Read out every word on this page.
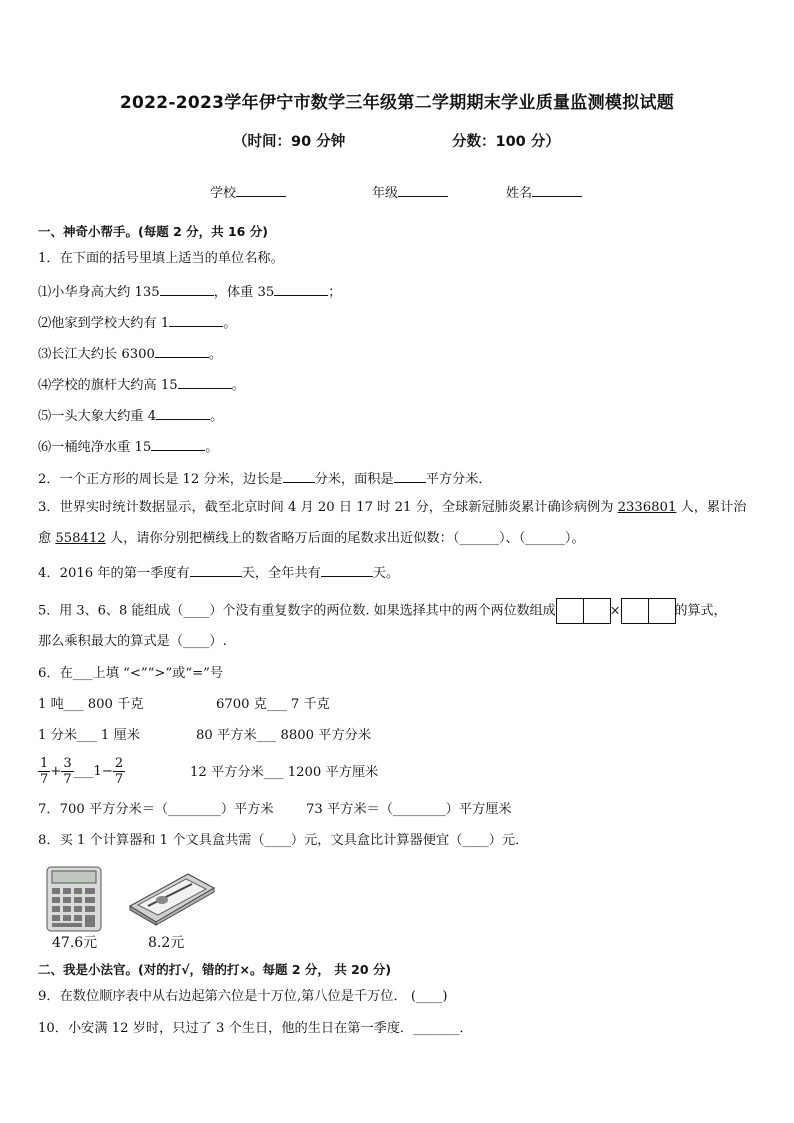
2022-2023学年伊宁市数学三年级第二学期期末学业质量监测模拟试题
（时间：90 分钟	分数：100 分）
学校	年级	姓名
一、神奇小帮手。(每题 2 分，共 16 分)
1．在下面的括号里填上适当的单位名称。
⑴小华身高大约 135	，体重 35	；
⑵他家到学校大约有 1	。
⑶长江大约长 6300	。
⑷学校的旗杆大约高 15	。
⑸一头大象大约重 4	。
⑹一桶纯净水重 15	。
2．一个正方形的周长是 12 分米，边长是 分米，面积是 平方分米．
3．世界实时统计数据显示，截至北京时间 4 月 20 日 17 时 21 分，全球新冠肺炎累计确诊病例为 2336801 人，累计治
愈 558412 人，请你分别把横线上的数省略万后面的尾数求出近似数：（______）、（______）。
4．2016 年的第一季度有	天，全年共有	天。
5．用 3、6、8 能组成（____）个没有重复数字的两位数. 如果选择其中的两个两位数组成	×	的算式，
那么乘积最大的算式是（____）.
6．在___上填 “<”“>”或“=”号
1 吨___ 800 千克	6700 克___ 7 千克
1 分米___ 1 厘米	80 平方米___ 8800 平方分米
$\frac{1}{7} + \frac{3}{7}$ ___1− $\frac{2}{7}$	12 平方分米___ 1200 平方厘米
7．700 平方分米＝（________）平方米 73 平方米＝（________）平方厘米
8．买 1 个计算器和 1 个文具盒共需（____）元，文具盒比计算器便宜（____）元．
47.6元	8.2元
二、我是小法官。(对的打√，错的打×。每题 2 分， 共 20 分)
9．在数位顺序表中从右边起第六位是十万位,第八位是千万位． (____)
10．小安满 12 岁时，只过了 3 个生日，他的生日在第一季度．_______．
